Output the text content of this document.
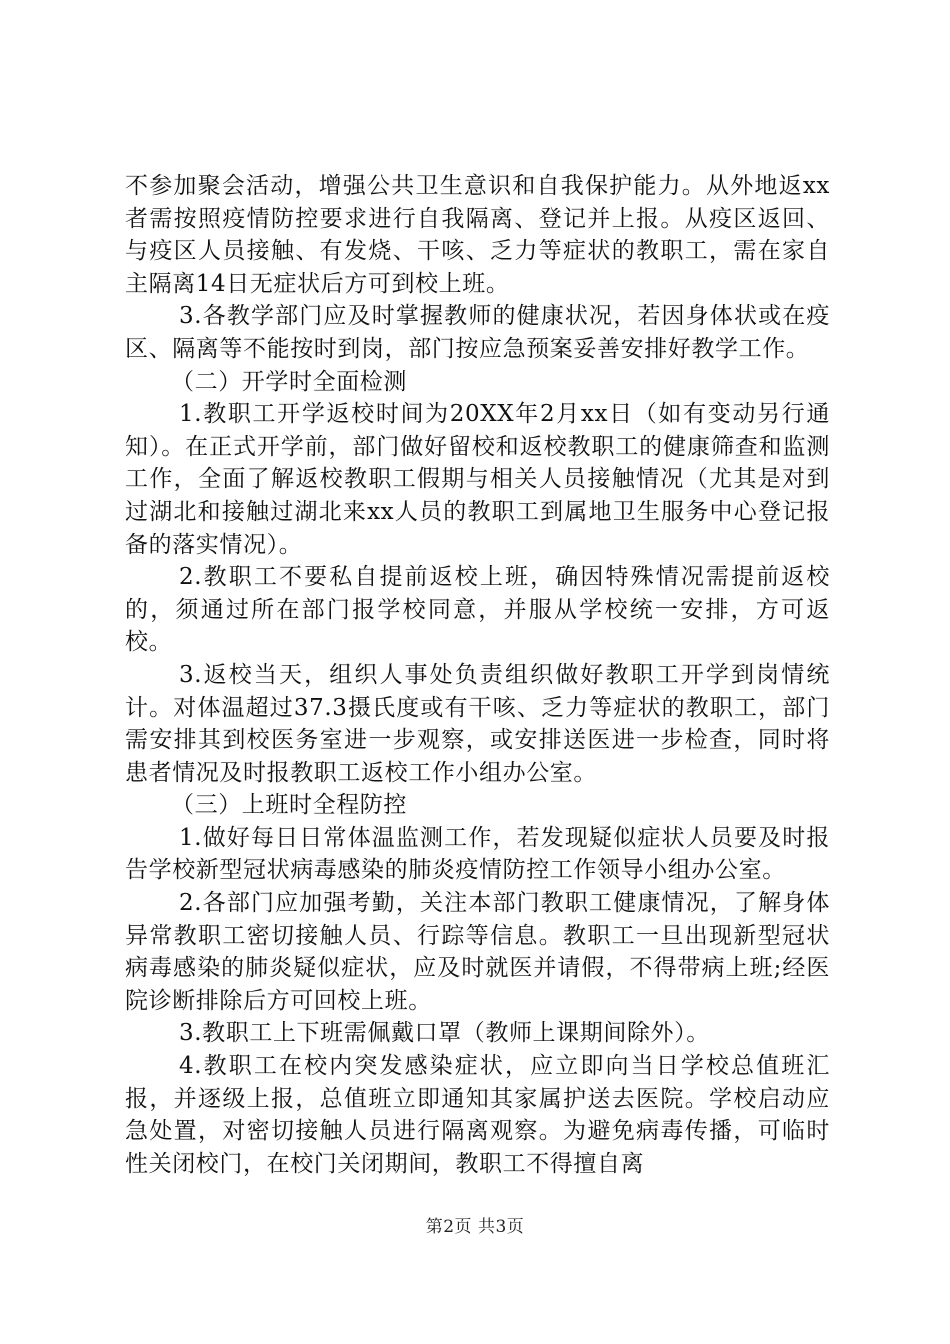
不参加聚会活动，增强公共卫生意识和自我保护能力。从外地返xx者需按照疫情防控要求进行自我隔离、登记并上报。从疫区返回、与疫区人员接触、有发烧、干咳、乏力等症状的教职工，需在家自主隔离14日无症状后方可到校上班。

3.各教学部门应及时掌握教师的健康状况，若因身体状或在疫区、隔离等不能按时到岗，部门按应急预案妥善安排好教学工作。

（二）开学时全面检测

1.教职工开学返校时间为20XX年2月xx日（如有变动另行通知）。在正式开学前，部门做好留校和返校教职工的健康筛查和监测工作，全面了解返校教职工假期与相关人员接触情况（尤其是对到过湖北和接触过湖北来xx人员的教职工到属地卫生服务中心登记报备的落实情况）。

2.教职工不要私自提前返校上班，确因特殊情况需提前返校的，须通过所在部门报学校同意，并服从学校统一安排，方可返校。

3.返校当天，组织人事处负责组织做好教职工开学到岗情统计。对体温超过37.3摄氏度或有干咳、乏力等症状的教职工，部门需安排其到校医务室进一步观察，或安排送医进一步检查，同时将患者情况及时报教职工返校工作小组办公室。

（三）上班时全程防控

1.做好每日日常体温监测工作，若发现疑似症状人员要及时报告学校新型冠状病毒感染的肺炎疫情防控工作领导小组办公室。

2.各部门应加强考勤，关注本部门教职工健康情况，了解身体异常教职工密切接触人员、行踪等信息。教职工一旦出现新型冠状病毒感染的肺炎疑似症状，应及时就医并请假，不得带病上班;经医院诊断排除后方可回校上班。

3.教职工上下班需佩戴口罩（教师上课期间除外）。

4.教职工在校内突发感染症状，应立即向当日学校总值班汇报，并逐级上报，总值班立即通知其家属护送去医院。学校启动应急处置，对密切接触人员进行隔离观察。为避免病毒传播，可临时性关闭校门，在校门关闭期间，教职工不得擅自离

第2页 共3页
